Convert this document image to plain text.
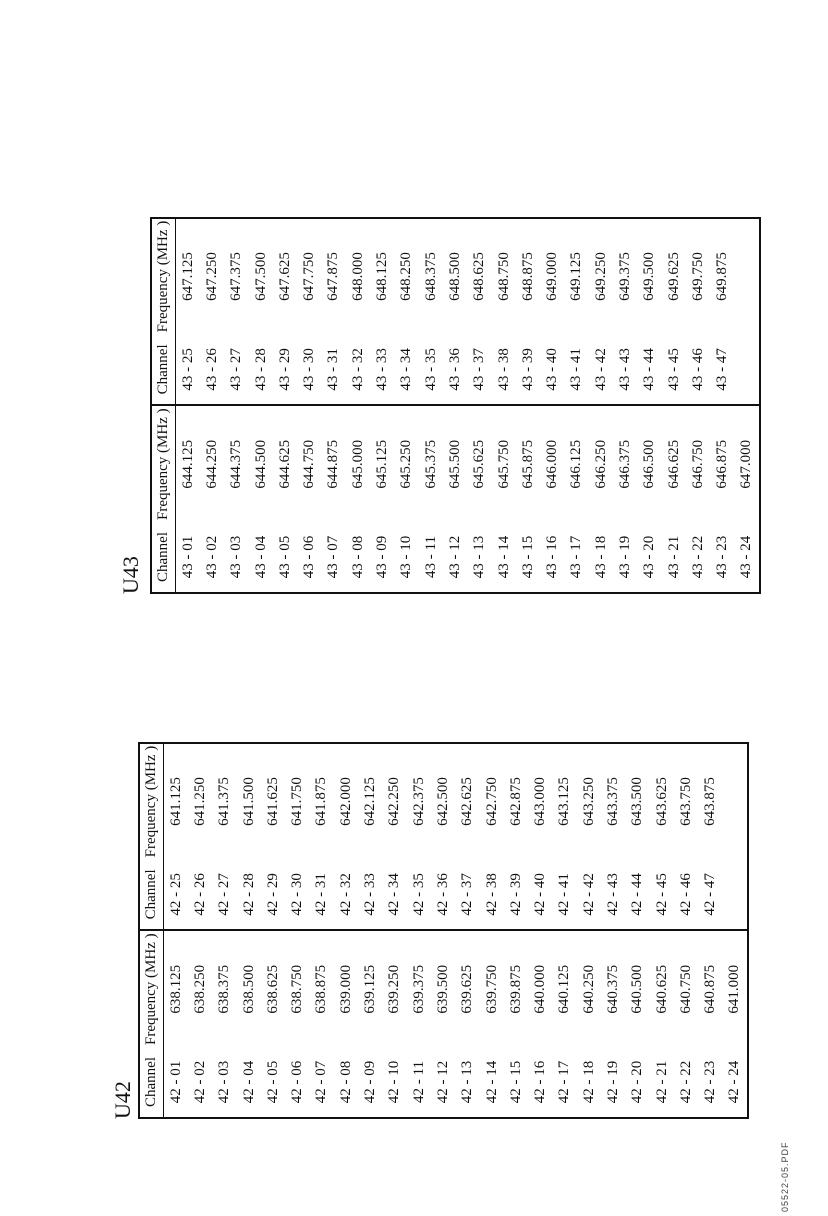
U42 Channel	Frequency (MHz )	Channel	Frequency (MHz )
42 - 01	638.125	42 - 25	641.125
42 - 02	638.250	42 - 26	641.250
42 - 03	638.375	42 - 27	641.375
42 - 04	638.500	42 - 28	641.500
42 - 05	638.625	42 - 29	641.625
42 - 06	638.750	42 - 30	641.750
42 - 07	638.875	42 - 31	641.875
42 - 08	639.000	42 - 32	642.000
42 - 09	639.125	42 - 33	642.125
42 - 10	639.250	42 - 34	642.250
42 - 11	639.375	42 - 35	642.375
42 - 12	639.500	42 - 36	642.500
42 - 13	639.625	42 - 37	642.625
42 - 14	639.750	42 - 38	642.750
42 - 15	639.875	42 - 39	642.875
42 - 16	640.000	42 - 40	643.000
42 - 17	640.125	42 - 41	643.125
42 - 18	640.250	42 - 42	643.250
42 - 19	640.375	42 - 43	643.375
42 - 20	640.500	42 - 44	643.500
42 - 21	640.625	42 - 45	643.625
42 - 22	640.750	42 - 46	643.750
42 - 23	640.875	42 - 47	643.875
42 - 24	641.000		
U43 Channel	Frequency (MHz )	Channel	Frequency (MHz )
43 - 01	644.125	43 - 25	647.125
43 - 02	644.250	43 - 26	647.250
43 - 03	644.375	43 - 27	647.375
43 - 04	644.500	43 - 28	647.500
43 - 05	644.625	43 - 29	647.625
43 - 06	644.750	43 - 30	647.750
43 - 07	644.875	43 - 31	647.875
43 - 08	645.000	43 - 32	648.000
43 - 09	645.125	43 - 33	648.125
43 - 10	645.250	43 - 34	648.250
43 - 11	645.375	43 - 35	648.375
43 - 12	645.500	43 - 36	648.500
43 - 13	645.625	43 - 37	648.625
43 - 14	645.750	43 - 38	648.750
43 - 15	645.875	43 - 39	648.875
43 - 16	646.000	43 - 40	649.000
43 - 17	646.125	43 - 41	649.125
43 - 18	646.250	43 - 42	649.250
43 - 19	646.375	43 - 43	649.375
43 - 20	646.500	43 - 44	649.500
43 - 21	646.625	43 - 45	649.625
43 - 22	646.750	43 - 46	649.750
43 - 23	646.875	43 - 47	649.875
43 - 24	647.000		
05522-05.PDF
